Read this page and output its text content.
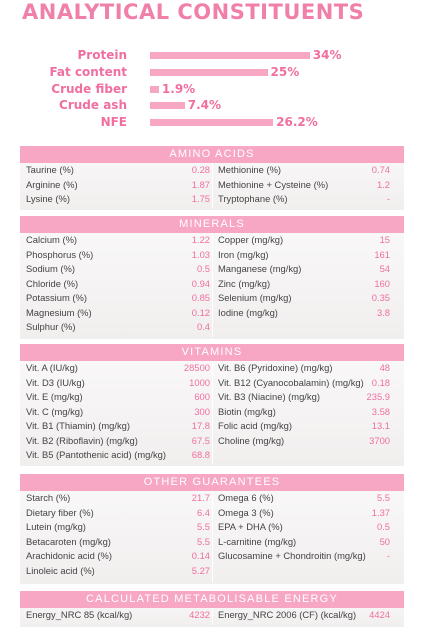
ANALYTICAL CONSTITUENTS
Protein	34%
Fat content	25%
Crude fiber	1.9%
Crude ash	7.4%
NFE	26.2%
AMINO ACIDS
Taurine (%)	0.28 Methionine (%)	0.74
Arginine (%)	1.87 Methionine + Cysteine (%)	1.2
Lysine (%)	1.75 Tryptophane (%)	-
MINERALS
Calcium (%)	1.22 Copper (mg/kg)	15
Phosphorus (%)	1.03 Iron (mg/kg)	161
Sodium (%)	0.5 Manganese (mg/kg)	54
Chloride (%)	0.94 Zinc (mg/kg)	160
Potassium (%)	0.85 Selenium (mg/kg)	0.35
Magnesium (%)	0.12 Iodine (mg/kg)	3.8
Sulphur (%)	0.4
VITAMINS
Vit. A (IU/kg)	28500 Vit. B6 (Pyridoxine) (mg/kg)	48
Vit. D3 (IU/kg)	1000 Vit. B12 (Cyanocobalamin) (mg/kg) 0.18
Vit. E (mg/kg)	600 Vit. B3 (Niacine) (mg/kg)	235.9
Vit. C (mg/kg)	300 Biotin (mg/kg)	3.58
Vit. B1 (Thiamin) (mg/kg)	17.8 Folic acid (mg/kg)	13.1
Vit. B2 (Riboflavin) (mg/kg)	67.5 Choline (mg/kg)	3700
Vit. B5 (Pantothenic acid) (mg/kg)	68.8
OTHER GUARANTEES
Starch (%)	21.7 Omega 6 (%)	5.5
Dietary fiber (%)	6.4 Omega 3 (%)	1.37
Lutein (mg/kg)	5.5 EPA + DHA (%)	0.5
Betacaroten (mg/kg)	5.5 L-carnitine (mg/kg)	50
Arachidonic acid (%)	0.14 Glucosamine + Chondroitin (mg/kg) -
Linoleic acid (%)	5.27
CALCULATED METABOLISABLE ENERGY
Energy_NRC 85 (kcal/kg)	4232 Energy_NRC 2006 (CF) (kcal/kg) 4424
